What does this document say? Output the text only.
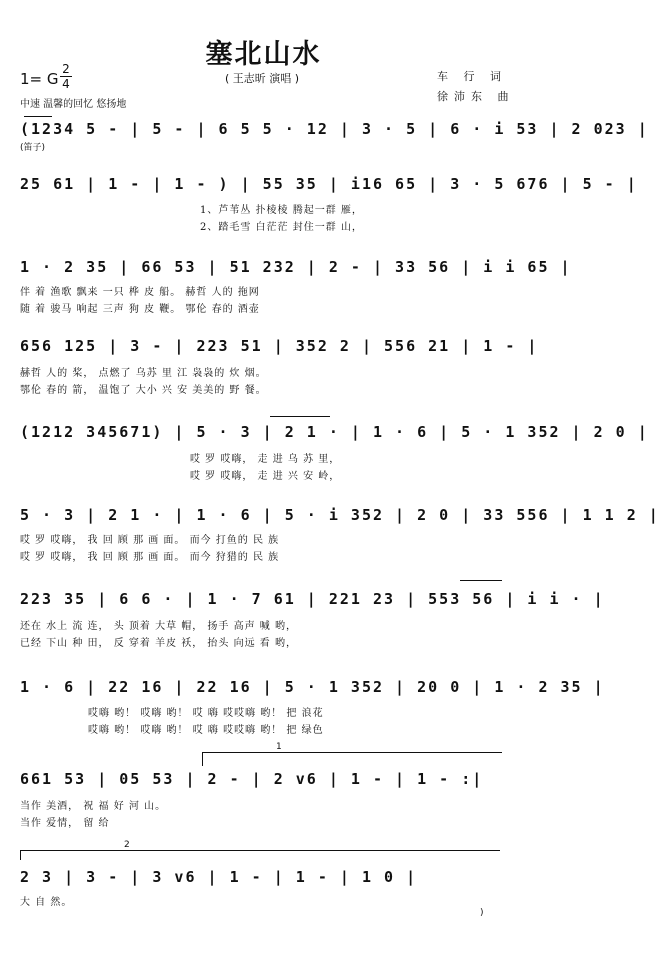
塞北山水
1= G
2
4	( 王志昕 演唱 )	车 行 词
徐沛东 曲
中速 温馨的回忆 悠扬地
(笛子)
(1234 5 - | 5 - | 6 5 5 · 12 | 3 · 5 | 6 · i 53 | 2 023 |
25 61 | 1 - | 1 - ) | 55 35 | i16 65 | 3 · 5 676 | 5 - |
1、芦苇丛 扑棱棱 腾起一群 雁，
2、踏毛雪 白茫茫 封住一群 山，
1 · 2 35 | 66 53 | 51 232 | 2 - | 33 56 | i i 65 |
伴 着 渔歌 飘来 一只 桦 皮 船。 赫哲 人的 拖网
随 着 骏马 响起 三声 狗 皮 鞭。 鄂伦 春的 酒壶
656 125 | 3 - | 223 51 | 352 2 | 556 21 | 1 - |
赫哲 人的 桨， 点燃了 乌苏 里 江 袅袅的 炊 烟。
鄂伦 春的 箭， 温饱了 大小 兴 安 美美的 野 餐。
(1212 345671) | 5 · 3 | 2 1 · | 1 · 6 | 5 · 1 352 | 2 0 |
哎 罗 哎嗨， 走 进 乌 苏 里，
哎 罗 哎嗨， 走 进 兴 安 岭，
5 · 3 | 2 1 · | 1 · 6 | 5 · i 352 | 2 0 | 33 556 | 1 1 2 |
哎 罗 哎嗨， 我 回 顾 那 画 面。 而今 打鱼的 民 族
哎 罗 哎嗨， 我 回 顾 那 画 面。 而今 狩猎的 民 族
223 35 | 6 6 · | 1 · 7 61 | 221 23 | 553 56 | i i · |
还在 水上 流 连， 头 顶着 大草 帽， 扬手 高声 喊 哟，
已经 下山 种 田， 反 穿着 羊皮 袄， 抬头 向远 看 哟，
1 · 6 | 22 16 | 22 16 | 5 · 1 352 | 20 0 | 1 · 2 35 |
哎嗨 哟！ 哎嗨 哟！ 哎 嗨 哎哎嗨 哟！ 把 浪花
哎嗨 哟！ 哎嗨 哟！ 哎 嗨 哎哎嗨 哟！ 把 绿色
1
661 53 | 05 53 | 2 - | 2 v6 | 1 - | 1 - :|
当作 美酒， 祝 福 好 河 山。
当作 爱情， 留 给
2
2 3 | 3 - | 3 v6 | 1 - | 1 - | 1 0 |
大 自 然。
)
